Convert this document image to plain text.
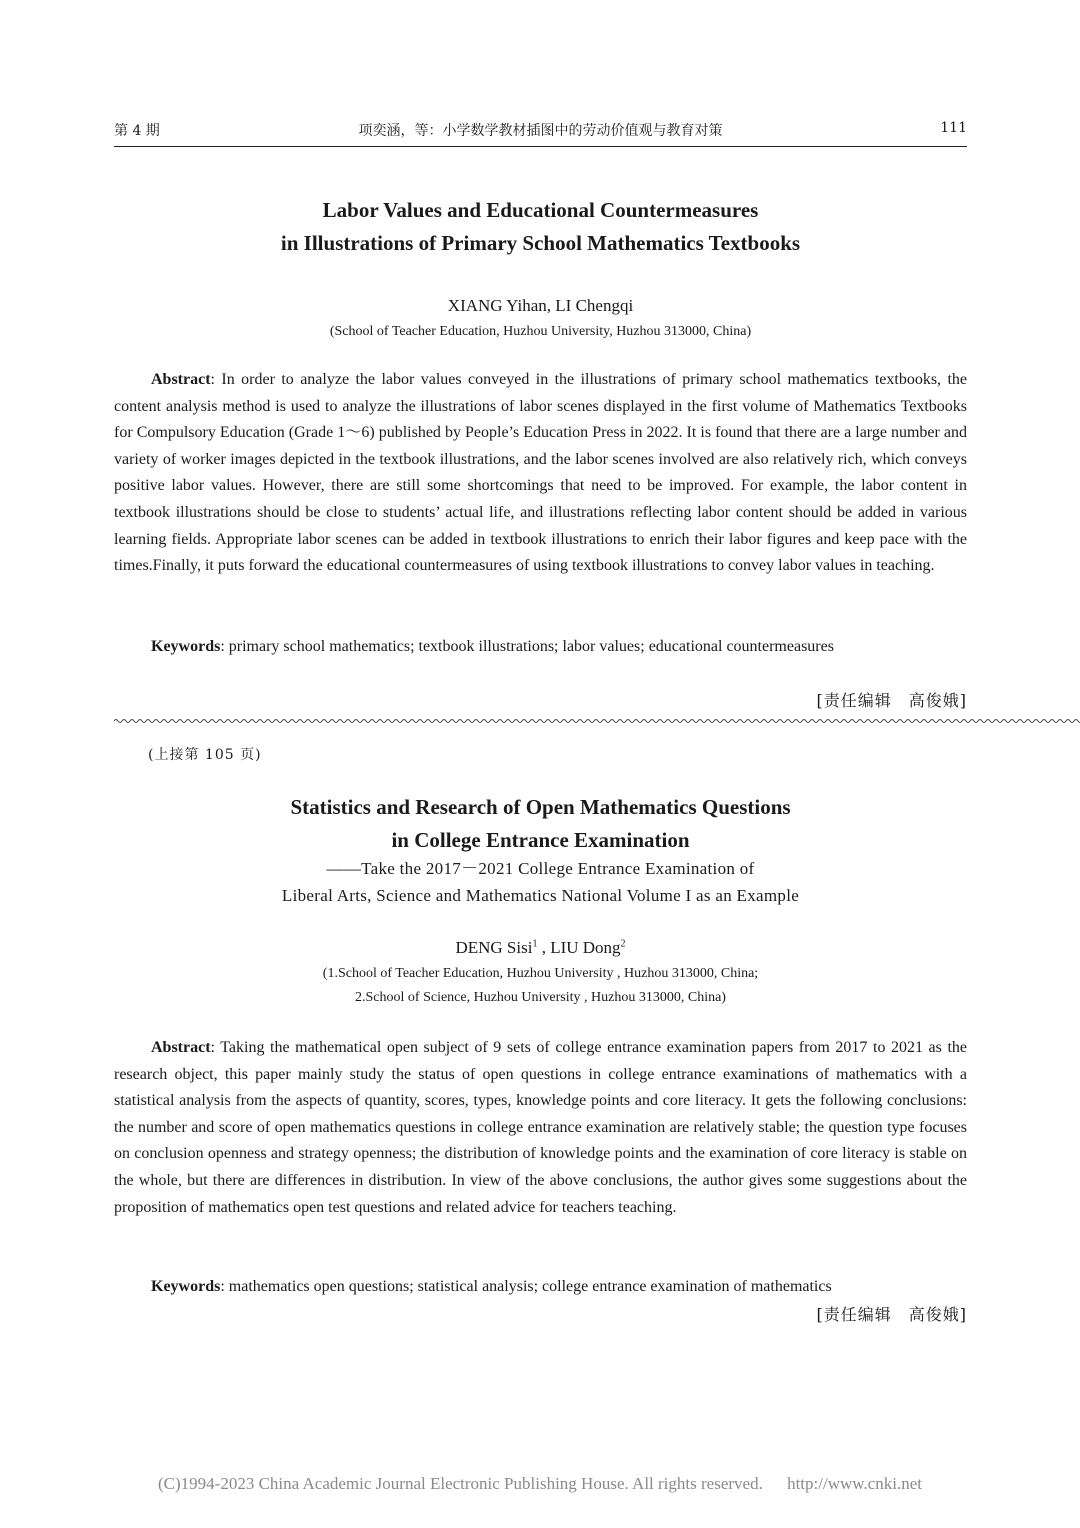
第 4 期	项奕涵，等：小学数学教材插图中的劳动价值观与教育对策	111
Labor Values and Educational Countermeasures
in Illustrations of Primary School Mathematics Textbooks
XIANG Yihan, LI Chengqi
(School of Teacher Education, Huzhou University, Huzhou 313000, China)
Abstract: In order to analyze the labor values conveyed in the illustrations of primary school mathematics textbooks, the content analysis method is used to analyze the illustrations of labor scenes displayed in the first volume of Mathematics Textbooks for Compulsory Education (Grade 1～6) published by People’s Education Press in 2022. It is found that there are a large number and variety of worker images depicted in the textbook illustrations, and the labor scenes involved are also relatively rich, which conveys positive labor values. However, there are still some shortcomings that need to be improved. For example, the labor content in textbook illustrations should be close to students’ actual life, and illustrations reflecting labor content should be added in various learning fields. Appropriate labor scenes can be added in textbook illustrations to enrich their labor figures and keep pace with the times.Finally, it puts forward the educational countermeasures of using textbook illustrations to convey labor values in teaching.
Keywords: primary school mathematics; textbook illustrations; labor values; educational countermeasures
[责任编辑　高俊娥]
(上接第 105 页)
Statistics and Research of Open Mathematics Questions
in College Entrance Examination
——Take the 2017－2021 College Entrance Examination of
Liberal Arts, Science and Mathematics National Volume I as an Example
DENG Sisi$^1$ , LIU Dong$^2$
(1.School of Teacher Education, Huzhou University , Huzhou 313000, China;
2.School of Science, Huzhou University , Huzhou 313000, China)
Abstract: Taking the mathematical open subject of 9 sets of college entrance examination papers from 2017 to 2021 as the research object, this paper mainly study the status of open questions in college entrance examinations of mathematics with a statistical analysis from the aspects of quantity, scores, types, knowledge points and core literacy. It gets the following conclusions: the number and score of open mathematics questions in college entrance examination are relatively stable; the question type focuses on conclusion openness and strategy openness; the distribution of knowledge points and the examination of core literacy is stable on the whole, but there are differences in distribution. In view of the above conclusions, the author gives some suggestions about the proposition of mathematics open test questions and related advice for teachers teaching.
Keywords: mathematics open questions; statistical analysis; college entrance examination of mathematics
[责任编辑　高俊娥]
(C)1994-2023 China Academic Journal Electronic Publishing House. All rights reserved. http://www.cnki.net
